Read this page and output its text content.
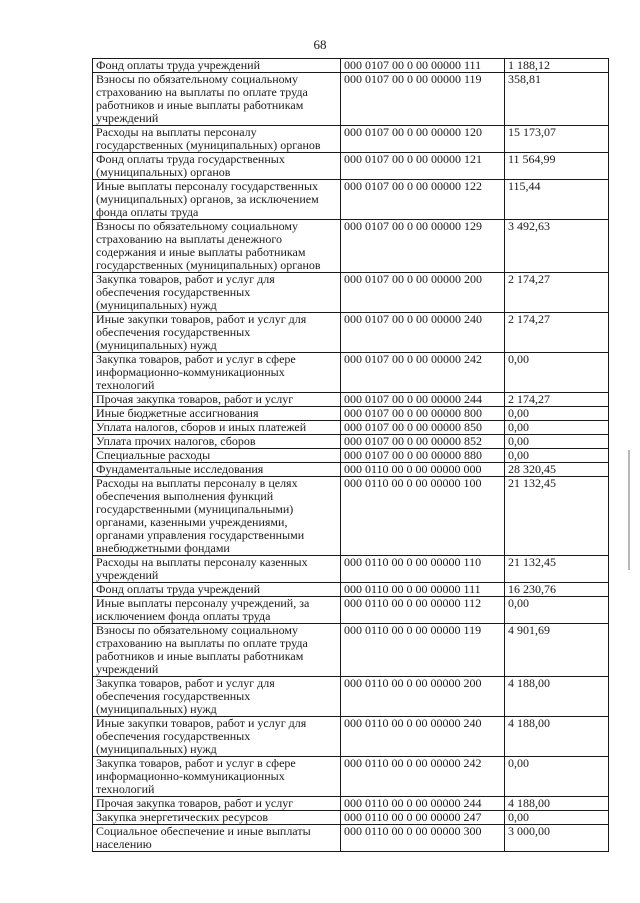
68
Фонд оплаты труда учреждений	000 0107 00 0 00 00000 111	1 188,12
Взносы по обязательному социальному страхованию на выплаты по оплате труда работников и иные выплаты работникам учреждений	000 0107 00 0 00 00000 119	358,81
Расходы на выплаты персоналу государственных (муниципальных) органов	000 0107 00 0 00 00000 120	15 173,07
Фонд оплаты труда государственных (муниципальных) органов	000 0107 00 0 00 00000 121	11 564,99
Иные выплаты персоналу государственных (муниципальных) органов, за исключением фонда оплаты труда	000 0107 00 0 00 00000 122	115,44
Взносы по обязательному социальному страхованию на выплаты денежного содержания и иные выплаты работникам государственных (муниципальных) органов	000 0107 00 0 00 00000 129	3 492,63
Закупка товаров, работ и услуг для обеспечения государственных (муниципальных) нужд	000 0107 00 0 00 00000 200	2 174,27
Иные закупки товаров, работ и услуг для обеспечения государственных (муниципальных) нужд	000 0107 00 0 00 00000 240	2 174,27
Закупка товаров, работ и услуг в сфере информационно-коммуникационных технологий	000 0107 00 0 00 00000 242	0,00
Прочая закупка товаров, работ и услуг	000 0107 00 0 00 00000 244	2 174,27
Иные бюджетные ассигнования	000 0107 00 0 00 00000 800	0,00
Уплата налогов, сборов и иных платежей	000 0107 00 0 00 00000 850	0,00
Уплата прочих налогов, сборов	000 0107 00 0 00 00000 852	0,00
Специальные расходы	000 0107 00 0 00 00000 880	0,00
Фундаментальные исследования	000 0110 00 0 00 00000 000	28 320,45
Расходы на выплаты персоналу в целях обеспечения выполнения функций государственными (муниципальными) органами, казенными учреждениями, органами управления государственными внебюджетными фондами	000 0110 00 0 00 00000 100	21 132,45
Расходы на выплаты персоналу казенных учреждений	000 0110 00 0 00 00000 110	21 132,45
Фонд оплаты труда учреждений	000 0110 00 0 00 00000 111	16 230,76
Иные выплаты персоналу учреждений, за исключением фонда оплаты труда	000 0110 00 0 00 00000 112	0,00
Взносы по обязательному социальному страхованию на выплаты по оплате труда работников и иные выплаты работникам учреждений	000 0110 00 0 00 00000 119	4 901,69
Закупка товаров, работ и услуг для обеспечения государственных (муниципальных) нужд	000 0110 00 0 00 00000 200	4 188,00
Иные закупки товаров, работ и услуг для обеспечения государственных (муниципальных) нужд	000 0110 00 0 00 00000 240	4 188,00
Закупка товаров, работ и услуг в сфере информационно-коммуникационных технологий	000 0110 00 0 00 00000 242	0,00
Прочая закупка товаров, работ и услуг	000 0110 00 0 00 00000 244	4 188,00
Закупка энергетических ресурсов	000 0110 00 0 00 00000 247	0,00
Социальное обеспечение и иные выплаты населению	000 0110 00 0 00 00000 300	3 000,00
